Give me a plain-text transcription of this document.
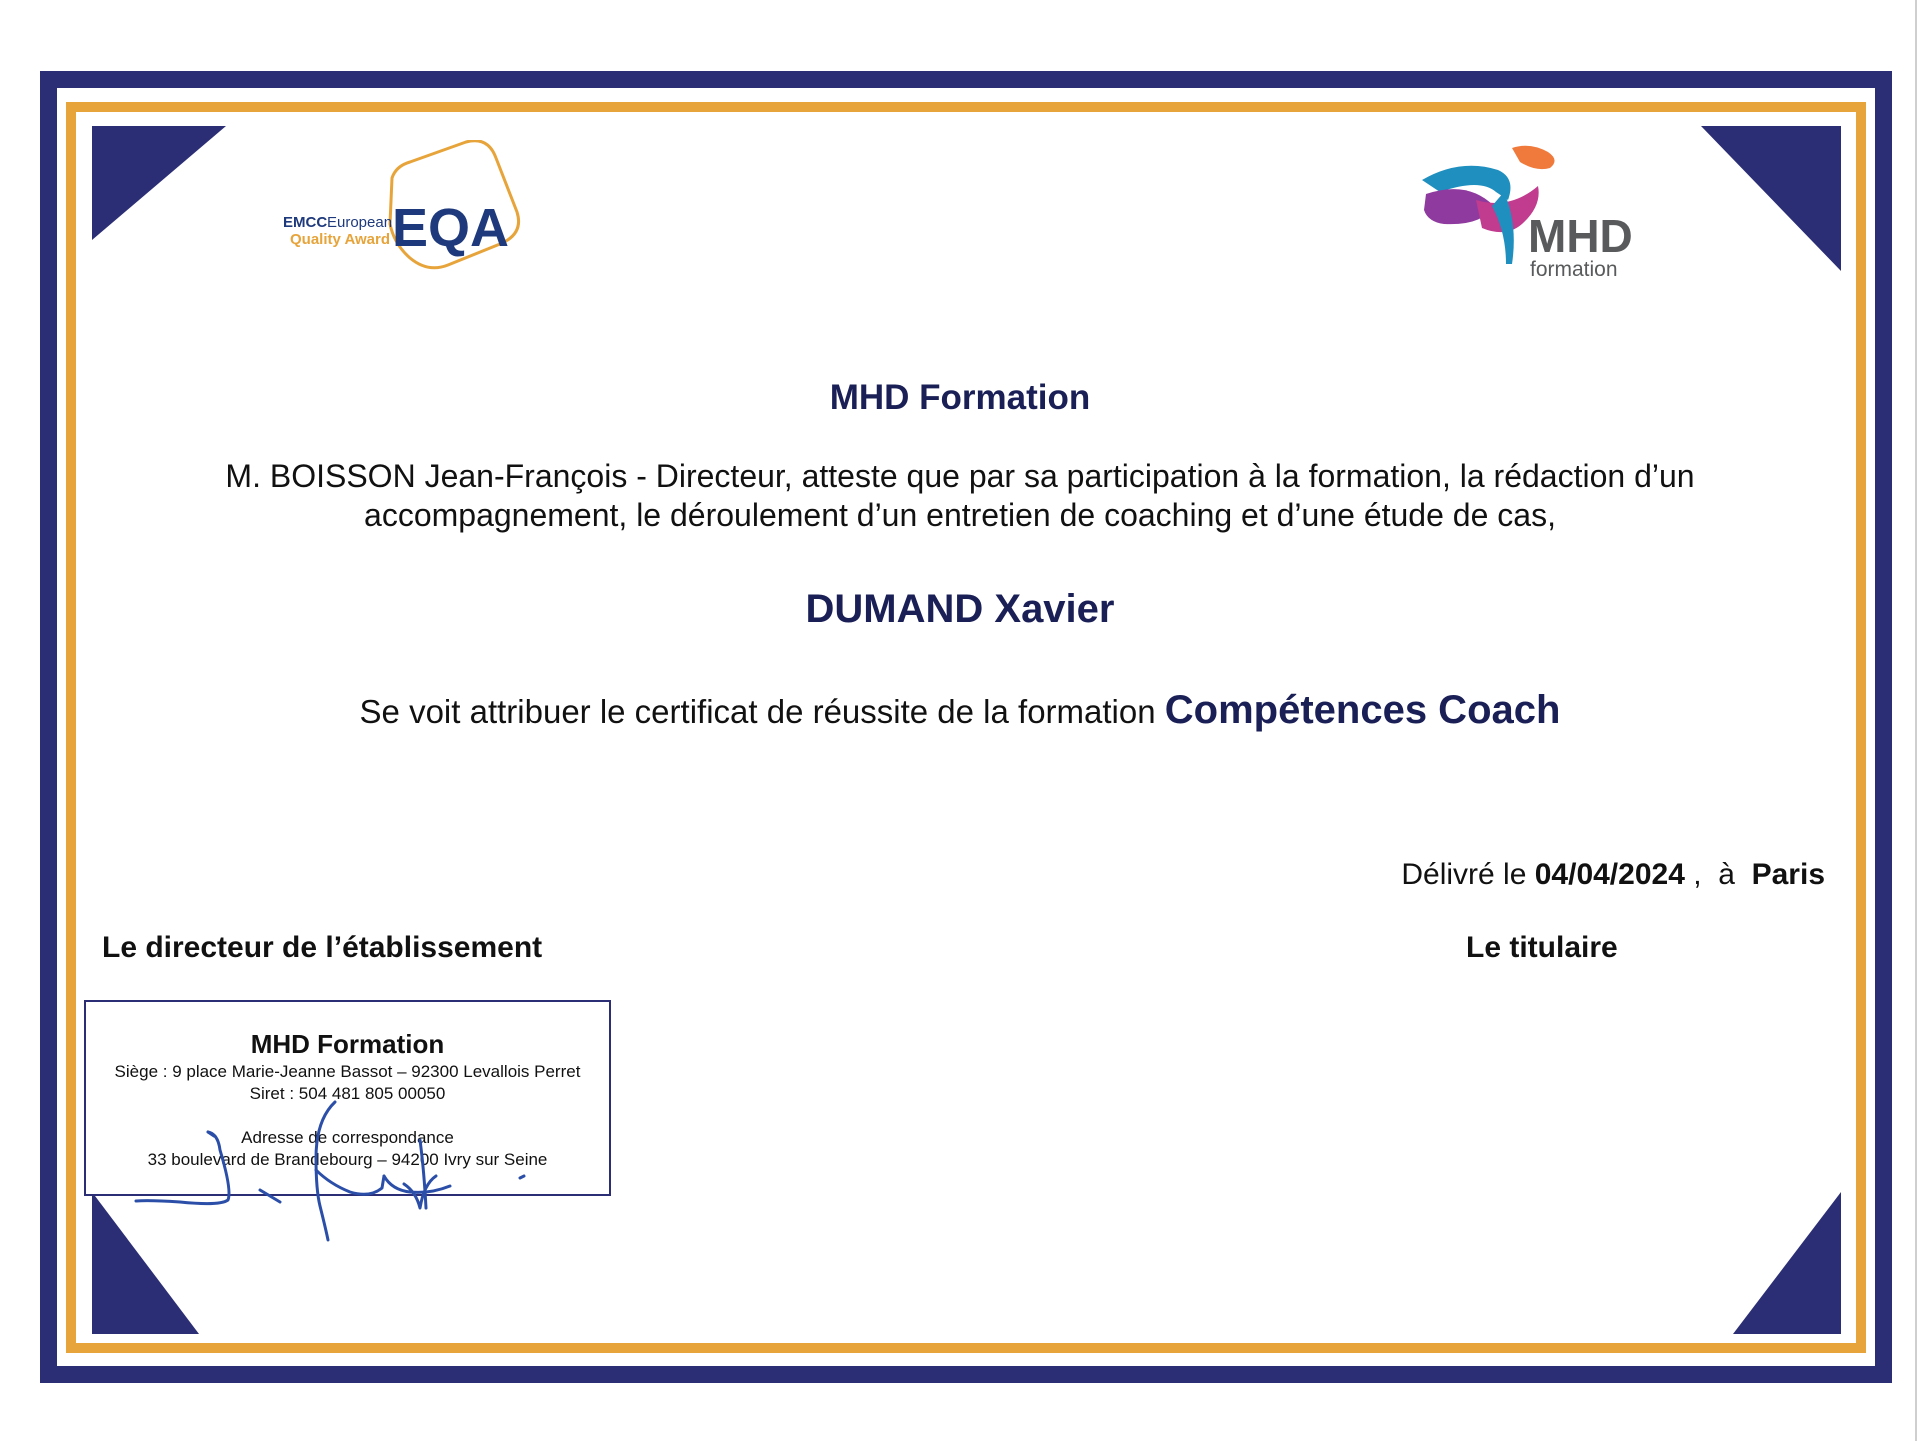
EMCC European
Quality Award EQA	MHD
formation
MHD Formation
M. BOISSON Jean-François - Directeur, atteste que par sa participation à la formation, la rédaction d’un
accompagnement, le déroulement d’un entretien de coaching et d’une étude de cas,
DUMAND Xavier
Se voit attribuer le certificat de réussite de la formation Compétences Coach
Délivré le 04/04/2024 , à Paris
Le directeur de l’établissement	Le titulaire
MHD Formation
Siège : 9 place Marie-Jeanne Bassot – 92300 Levallois Perret
Siret : 504 481 805 00050
Adresse de correspondance
33 boulevard de Brandebourg – 94200 Ivry sur Seine
